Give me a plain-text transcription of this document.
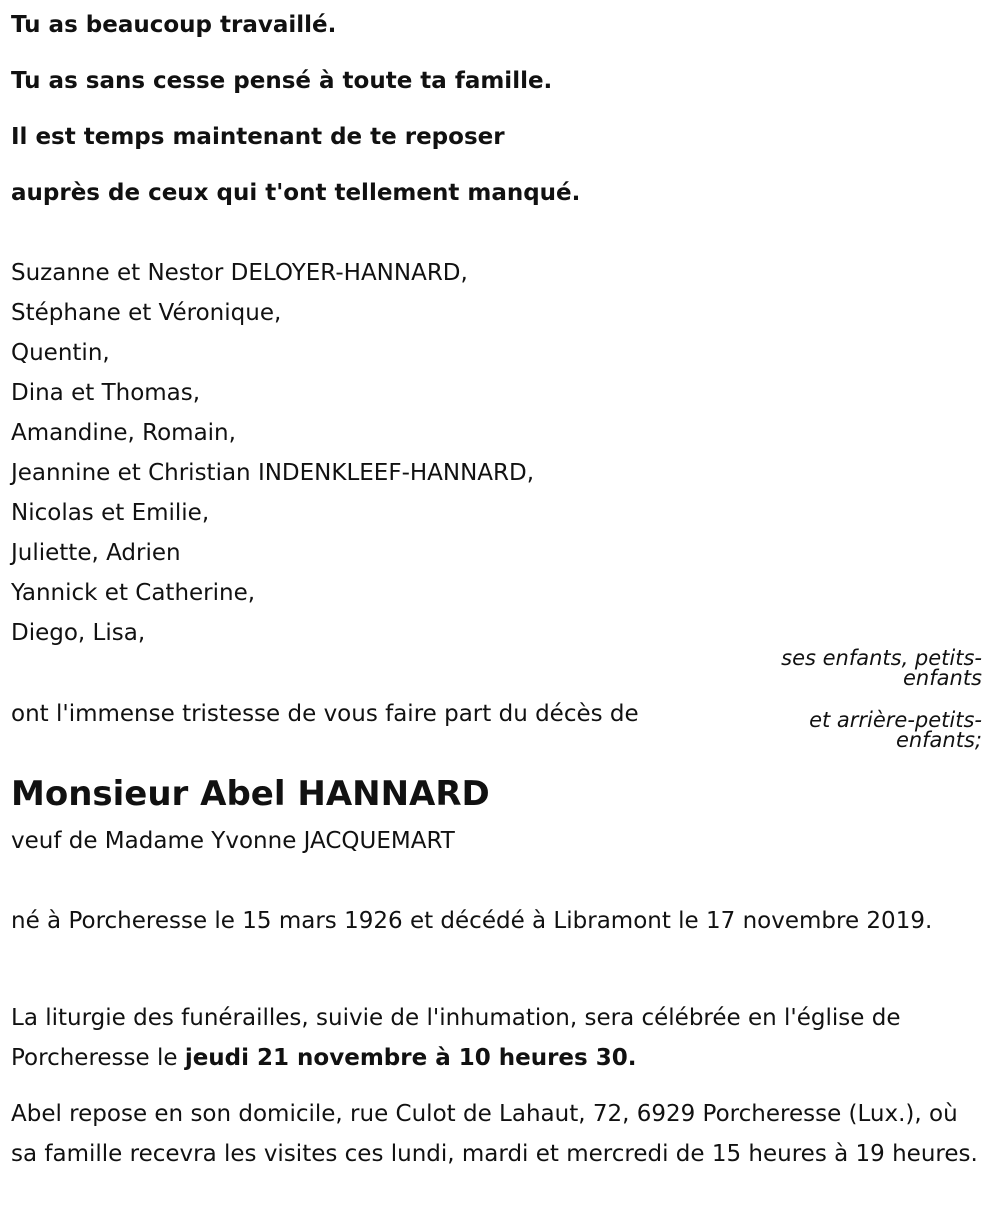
Tu as beaucoup travaillé.
Tu as sans cesse pensé à toute ta famille.
Il est temps maintenant de te reposer
auprès de ceux qui t'ont tellement manqué.
Suzanne et Nestor DELOYER-HANNARD,
Stéphane et Véronique,
Quentin,
Dina et Thomas,
Amandine, Romain,
Jeannine et Christian INDENKLEEF-HANNARD,
Nicolas et Emilie,
Juliette, Adrien
Yannick et Catherine,
Diego, Lisa,
ses enfants, petits-enfants
et arrière-petits-enfants;
ont l'immense tristesse de vous faire part du décès de
Monsieur Abel HANNARD
veuf de Madame Yvonne JACQUEMART
né à Porcheresse le 15 mars 1926 et décédé à Libramont le 17 novembre 2019.
La liturgie des funérailles, suivie de l'inhumation, sera célébrée en l'église de Porcheresse le jeudi 21 novembre à 10 heures 30.
Abel repose en son domicile, rue Culot de Lahaut, 72, 6929 Porcheresse (Lux.), où sa famille recevra les visites ces lundi, mardi et mercredi de 15 heures à 19 heures.
